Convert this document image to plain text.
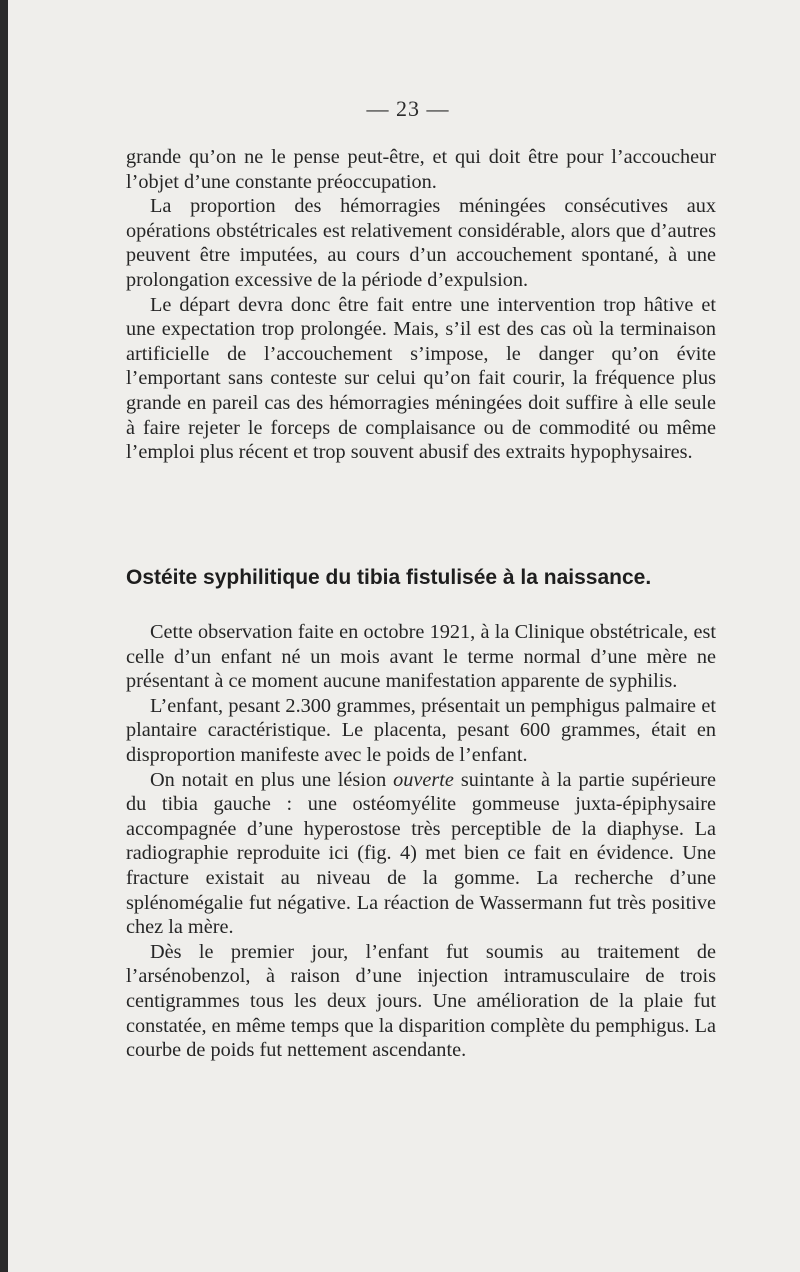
— 23 —

grande qu’on ne le pense peut-être, et qui doit être pour l’accoucheur l’objet d’une constante préoccupation.

La proportion des hémorragies méningées consécutives aux opérations obstétricales est relativement considérable, alors que d’autres peuvent être imputées, au cours d’un accouchement spontané, à une prolongation excessive de la période d’expulsion.

Le départ devra donc être fait entre une intervention trop hâtive et une expectation trop prolongée. Mais, s’il est des cas où la terminaison artificielle de l’accouchement s’impose, le danger qu’on évite l’emportant sans conteste sur celui qu’on fait courir, la fréquence plus grande en pareil cas des hémorragies méningées doit suffire à elle seule à faire rejeter le forceps de complaisance ou de commodité ou même l’emploi plus récent et trop souvent abusif des extraits hypophysaires.

Ostéite syphilitique du tibia fistulisée à la naissance.

Cette observation faite en octobre 1921, à la Clinique obstétricale, est celle d’un enfant né un mois avant le terme normal d’une mère ne présentant à ce moment aucune manifestation apparente de syphilis.

L’enfant, pesant 2.300 grammes, présentait un pemphigus palmaire et plantaire caractéristique. Le placenta, pesant 600 grammes, était en disproportion manifeste avec le poids de l’enfant.

On notait en plus une lésion ouverte suintante à la partie supérieure du tibia gauche : une ostéomyélite gommeuse juxta-épiphysaire accompagnée d’une hyperostose très perceptible de la diaphyse. La radiographie reproduite ici (fig. 4) met bien ce fait en évidence. Une fracture existait au niveau de la gomme. La recherche d’une splénomégalie fut négative. La réaction de Wassermann fut très positive chez la mère.

Dès le premier jour, l’enfant fut soumis au traitement de l’arsénobenzol, à raison d’une injection intramusculaire de trois centigrammes tous les deux jours. Une amélioration de la plaie fut constatée, en même temps que la disparition complète du pemphigus. La courbe de poids fut nettement ascendante.
